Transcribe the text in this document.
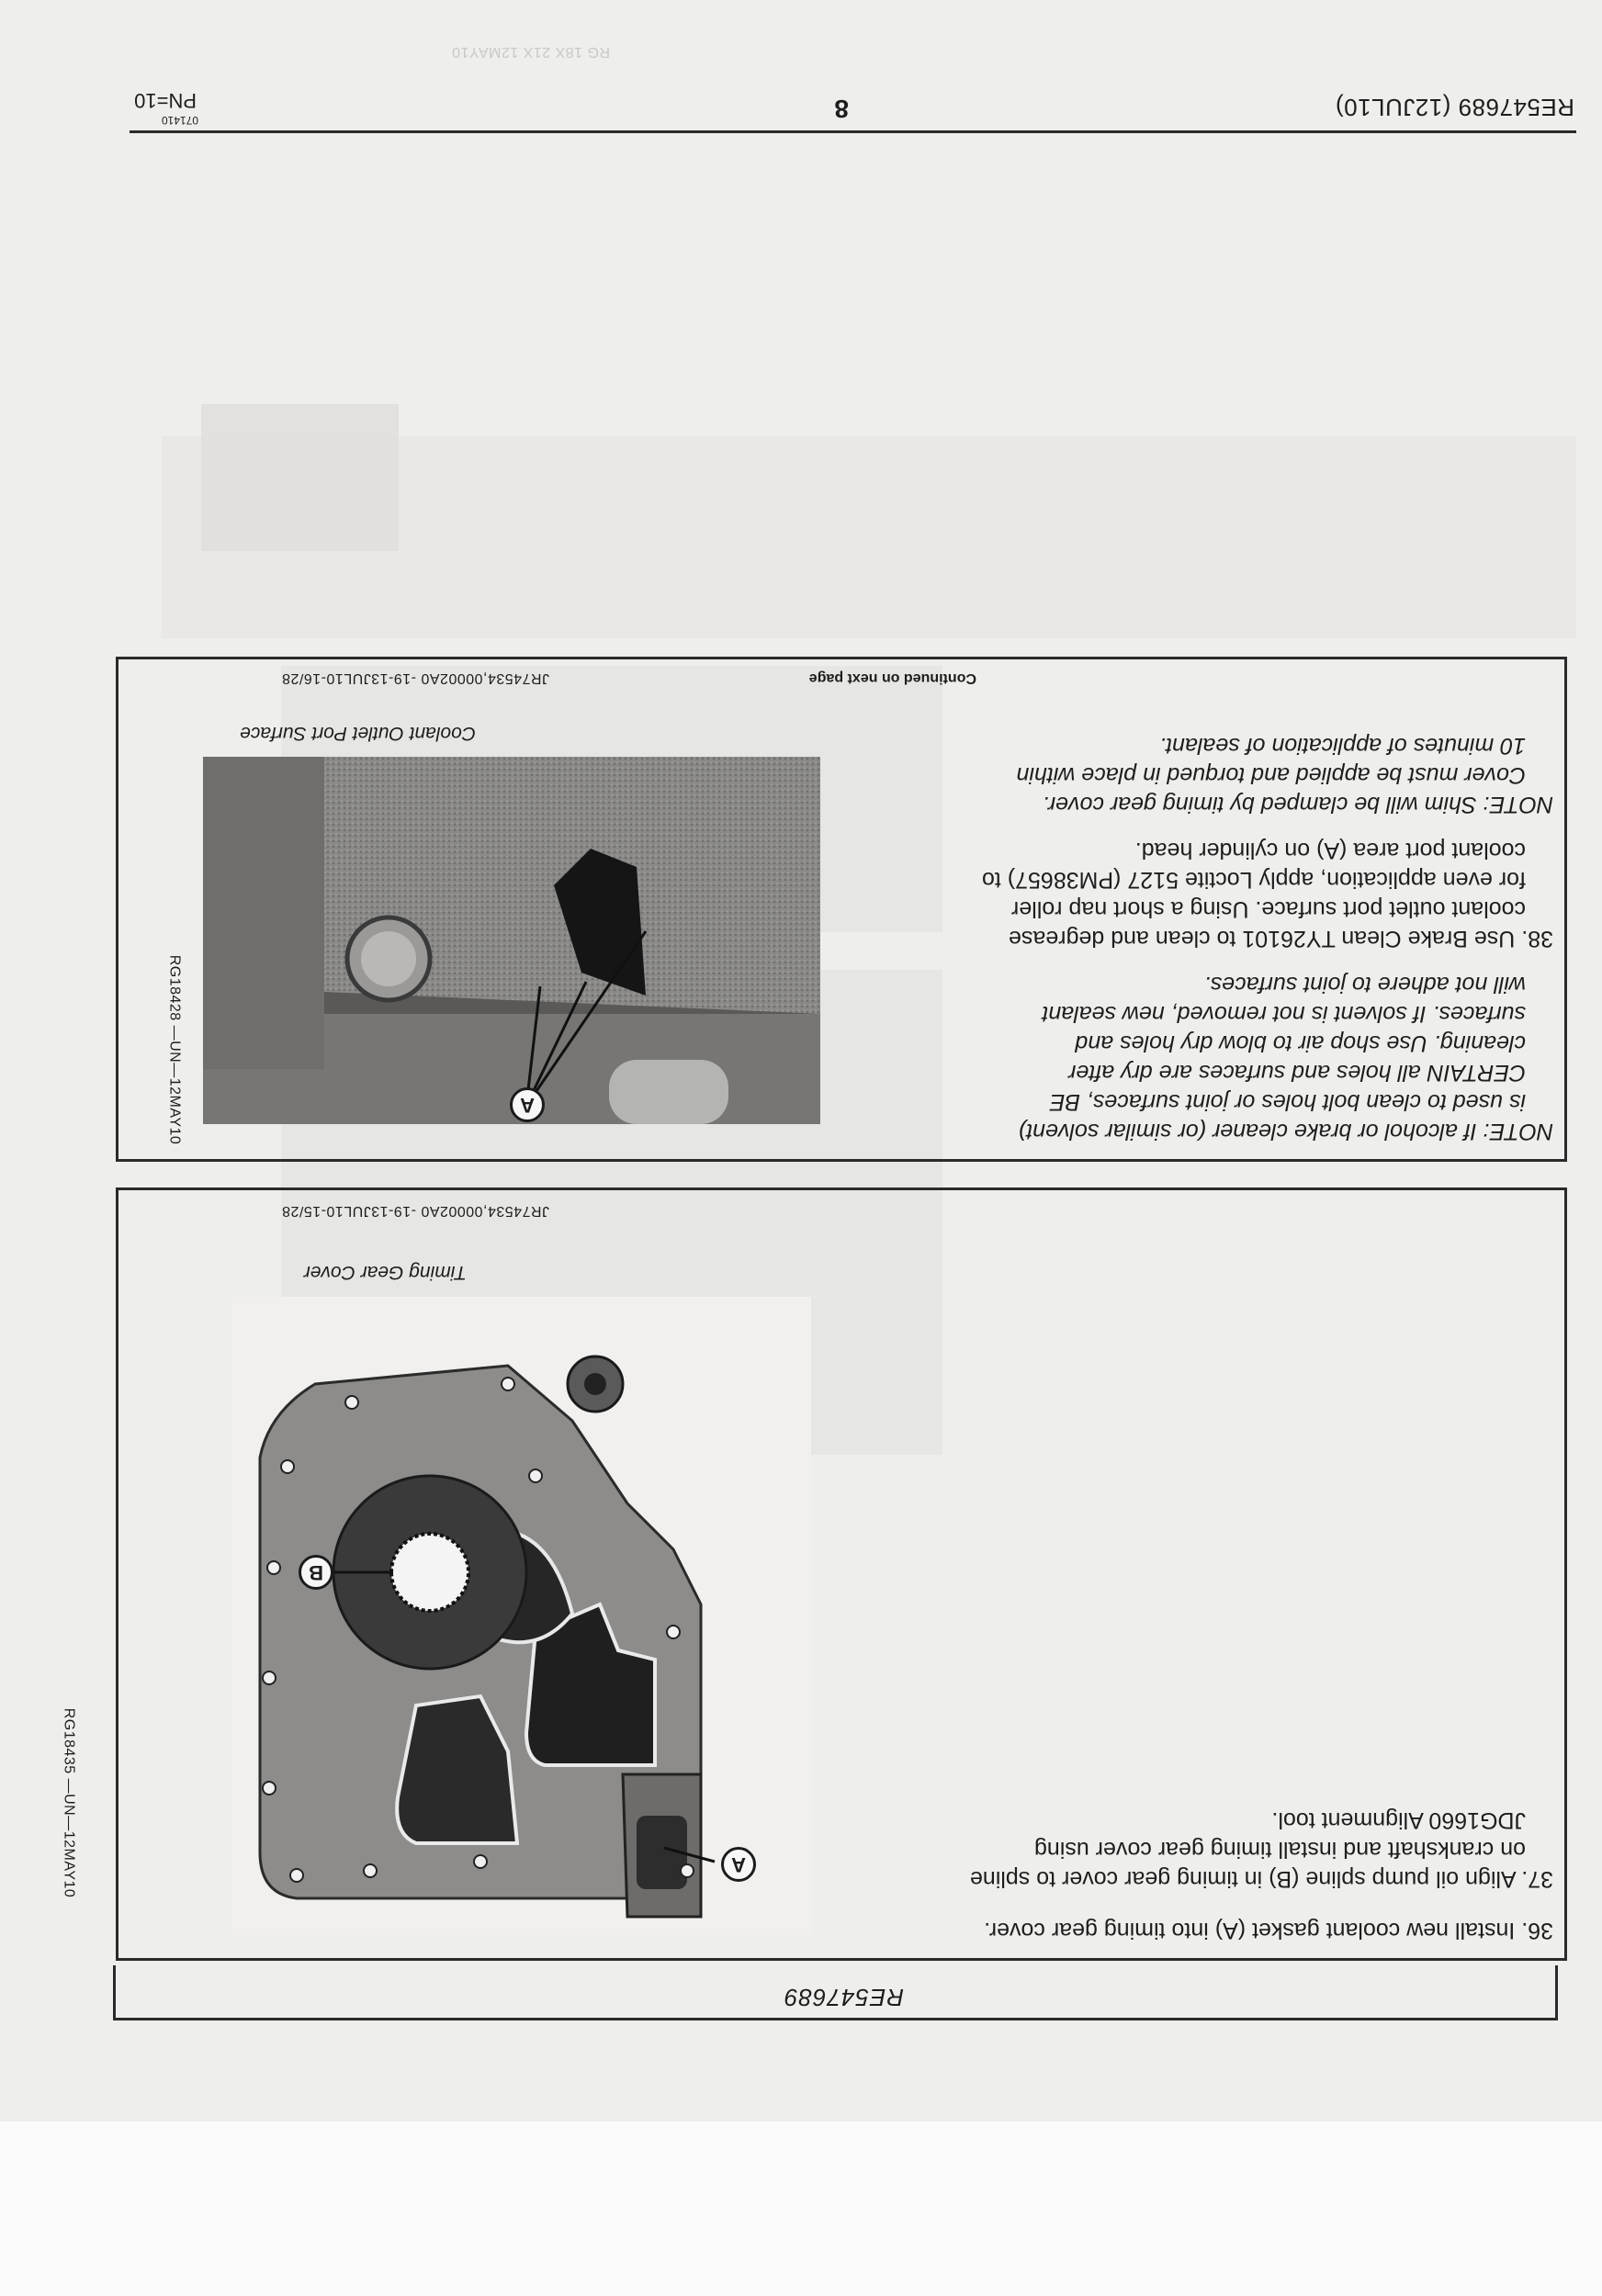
RG 18X 21X 12MAY10
RE547689
36. Install new coolant gasket (A) into timing gear cover.
37. Align oil pump spline (B) in timing gear cover to spline
on crankshaft and install timing gear cover using
JDG1660 Alignment tool.
A
B
Timing Gear Cover
RG18435 —UN—12MAY10
JR74534,00002A0 -19-13JUL10-15/28
NOTE: If alcohol or brake cleaner (or similar solvent)
is used to clean bolt holes or joint surfaces, BE
CERTAIN all holes and surfaces are dry after
cleaning. Use shop air to blow dry holes and
surfaces. If solvent is not removed, new sealant
will not adhere to joint surfaces.
38. Use Brake Clean TY26101 to clean and degrease
coolant outlet port surface. Using a short nap roller
for even application, apply Loctite 5127 (PM38657) to
coolant port area (A) on cylinder head.
NOTE: Shim will be clamped by timing gear cover.
Cover must be applied and torqued in place within
10 minutes of application of sealant.
A
Coolant Outlet Port Surface
RG18428 —UN—12MAY10
Continued on next page
JR74534,00002A0 -19-13JUL10-16/28
RE547689 (12JUL10)
8
071410
PN=10
